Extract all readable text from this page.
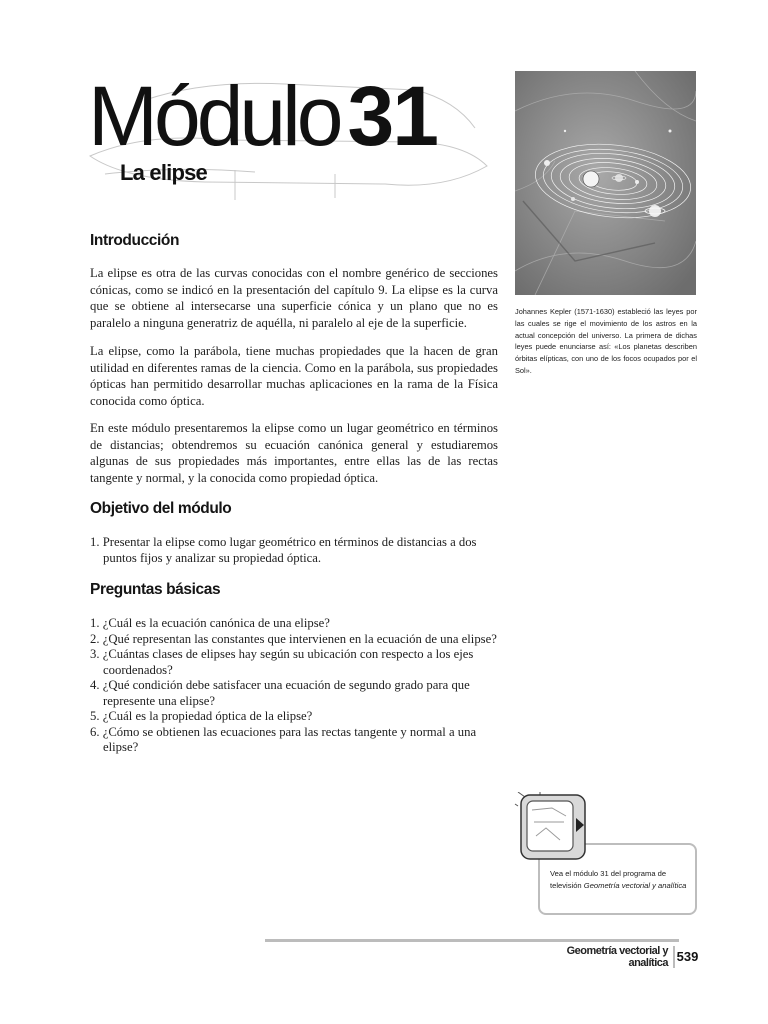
Módulo31
La elipse
Introducción

La elipse es otra de las curvas conocidas con el nombre genérico de secciones cónicas, como se indicó en la presentación del capítulo 9. La elipse es la curva que se obtiene al intersecarse una superficie cónica y un plano que no es paralelo a ninguna generatriz de aquélla, ni paralelo al eje de la superficie.

La elipse, como la parábola, tiene muchas propiedades que la hacen de gran utilidad en diferentes ramas de la ciencia. Como en la parábola, sus propiedades ópticas han permitido desarrollar muchas aplicaciones en la rama de la Física conocida como óptica.

En este módulo presentaremos la elipse como un lugar geométrico en términos de distancias; obtendremos su ecuación canónica general y estudiaremos algunas de sus propiedades más importantes, entre ellas las de las rectas tangente y normal, y la conocida como propiedad óptica.

Objetivo del módulo
1. Presentar la elipse como lugar geométrico en términos de distancias a dos puntos fijos y analizar su propiedad óptica.
Preguntas básicas
1. ¿Cuál es la ecuación canónica de una elipse?
2. ¿Qué representan las constantes que intervienen en la ecuación de una elipse?
3. ¿Cuántas clases de elipses hay según su ubicación con respecto a los ejes coordenados?
4. ¿Qué condición debe satisfacer una ecuación de segundo grado para que represente una elipse?
5. ¿Cuál es la propiedad óptica de la elipse?
6. ¿Cómo se obtienen las ecuaciones para las rectas tangente y normal a una elipse?

Johannes Kepler (1571-1630) estableció las leyes por las cuales se rige el movimiento de los astros en la actual concepción del universo. La primera de dichas leyes puede enunciarse así: «Los planetas describen órbitas elípticas, con uno de los focos ocupados por el Sol».

Vea el módulo 31 del programa de televisión Geometría vectorial y analítica

Geometría vectorial y analítica 539
